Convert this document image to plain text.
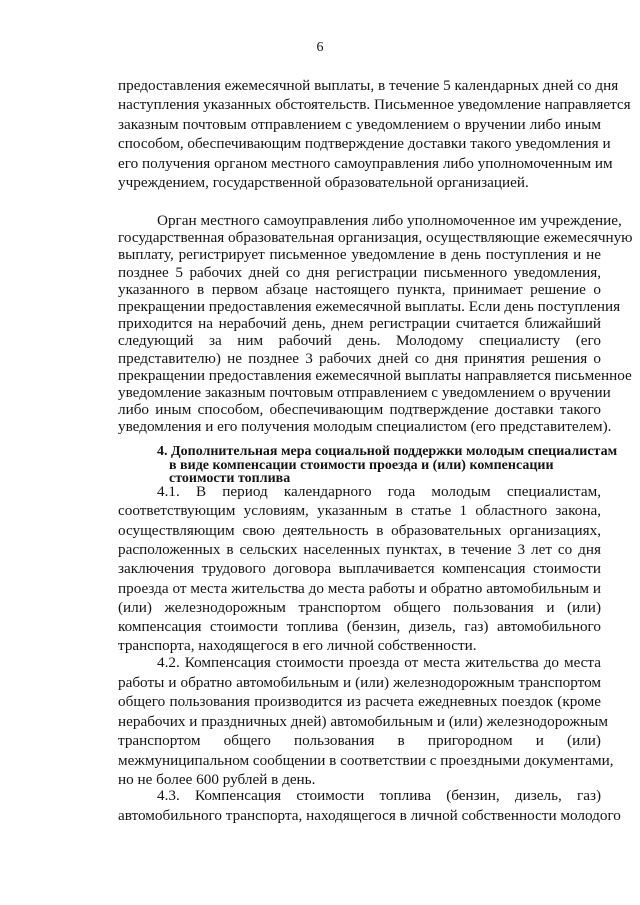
6
предоставления ежемесячной выплаты, в течение 5 календарных дней со дня
наступления указанных обстоятельств. Письменное уведомление направляется
заказным почтовым отправлением с уведомлением о вручении либо иным
способом, обеспечивающим подтверждение доставки такого уведомления и
его получения органом местного самоуправления либо уполномоченным им
учреждением, государственной образовательной организацией.
Орган местного самоуправления либо уполномоченное им учреждение,
государственная образовательная организация, осуществляющие ежемесячную
выплату, регистрирует письменное уведомление в день поступления и не
позднее 5 рабочих дней со дня регистрации письменного уведомления,
указанного в первом абзаце настоящего пункта, принимает решение о
прекращении предоставления ежемесячной выплаты. Если день поступления
приходится на нерабочий день, днем регистрации считается ближайший
следующий за ним рабочий день. Молодому специалисту (его
представителю) не позднее 3 рабочих дней со дня принятия решения о
прекращении предоставления ежемесячной выплаты направляется письменное
уведомление заказным почтовым отправлением с уведомлением о вручении
либо иным способом, обеспечивающим подтверждение доставки такого
уведомления и его получения молодым специалистом (его представителем).
4. Дополнительная мера социальной поддержки молодым специалистам
в виде компенсации стоимости проезда и (или) компенсации
стоимости топлива
4.1. В период календарного года молодым специалистам,
соответствующим условиям, указанным в статье 1 областного закона,
осуществляющим свою деятельность в образовательных организациях,
расположенных в сельских населенных пунктах, в течение 3 лет со дня
заключения трудового договора выплачивается компенсация стоимости
проезда от места жительства до места работы и обратно автомобильным и
(или) железнодорожным транспортом общего пользования и (или)
компенсация стоимости топлива (бензин, дизель, газ) автомобильного
транспорта, находящегося в его личной собственности.
4.2. Компенсация стоимости проезда от места жительства до места
работы и обратно автомобильным и (или) железнодорожным транспортом
общего пользования производится из расчета ежедневных поездок (кроме
нерабочих и праздничных дней) автомобильным и (или) железнодорожным
транспортом общего пользования в пригородном и (или)
межмуниципальном сообщении в соответствии с проездными документами,
но не более 600 рублей в день.
4.3. Компенсация стоимости топлива (бензин, дизель, газ)
автомобильного транспорта, находящегося в личной собственности молодого
